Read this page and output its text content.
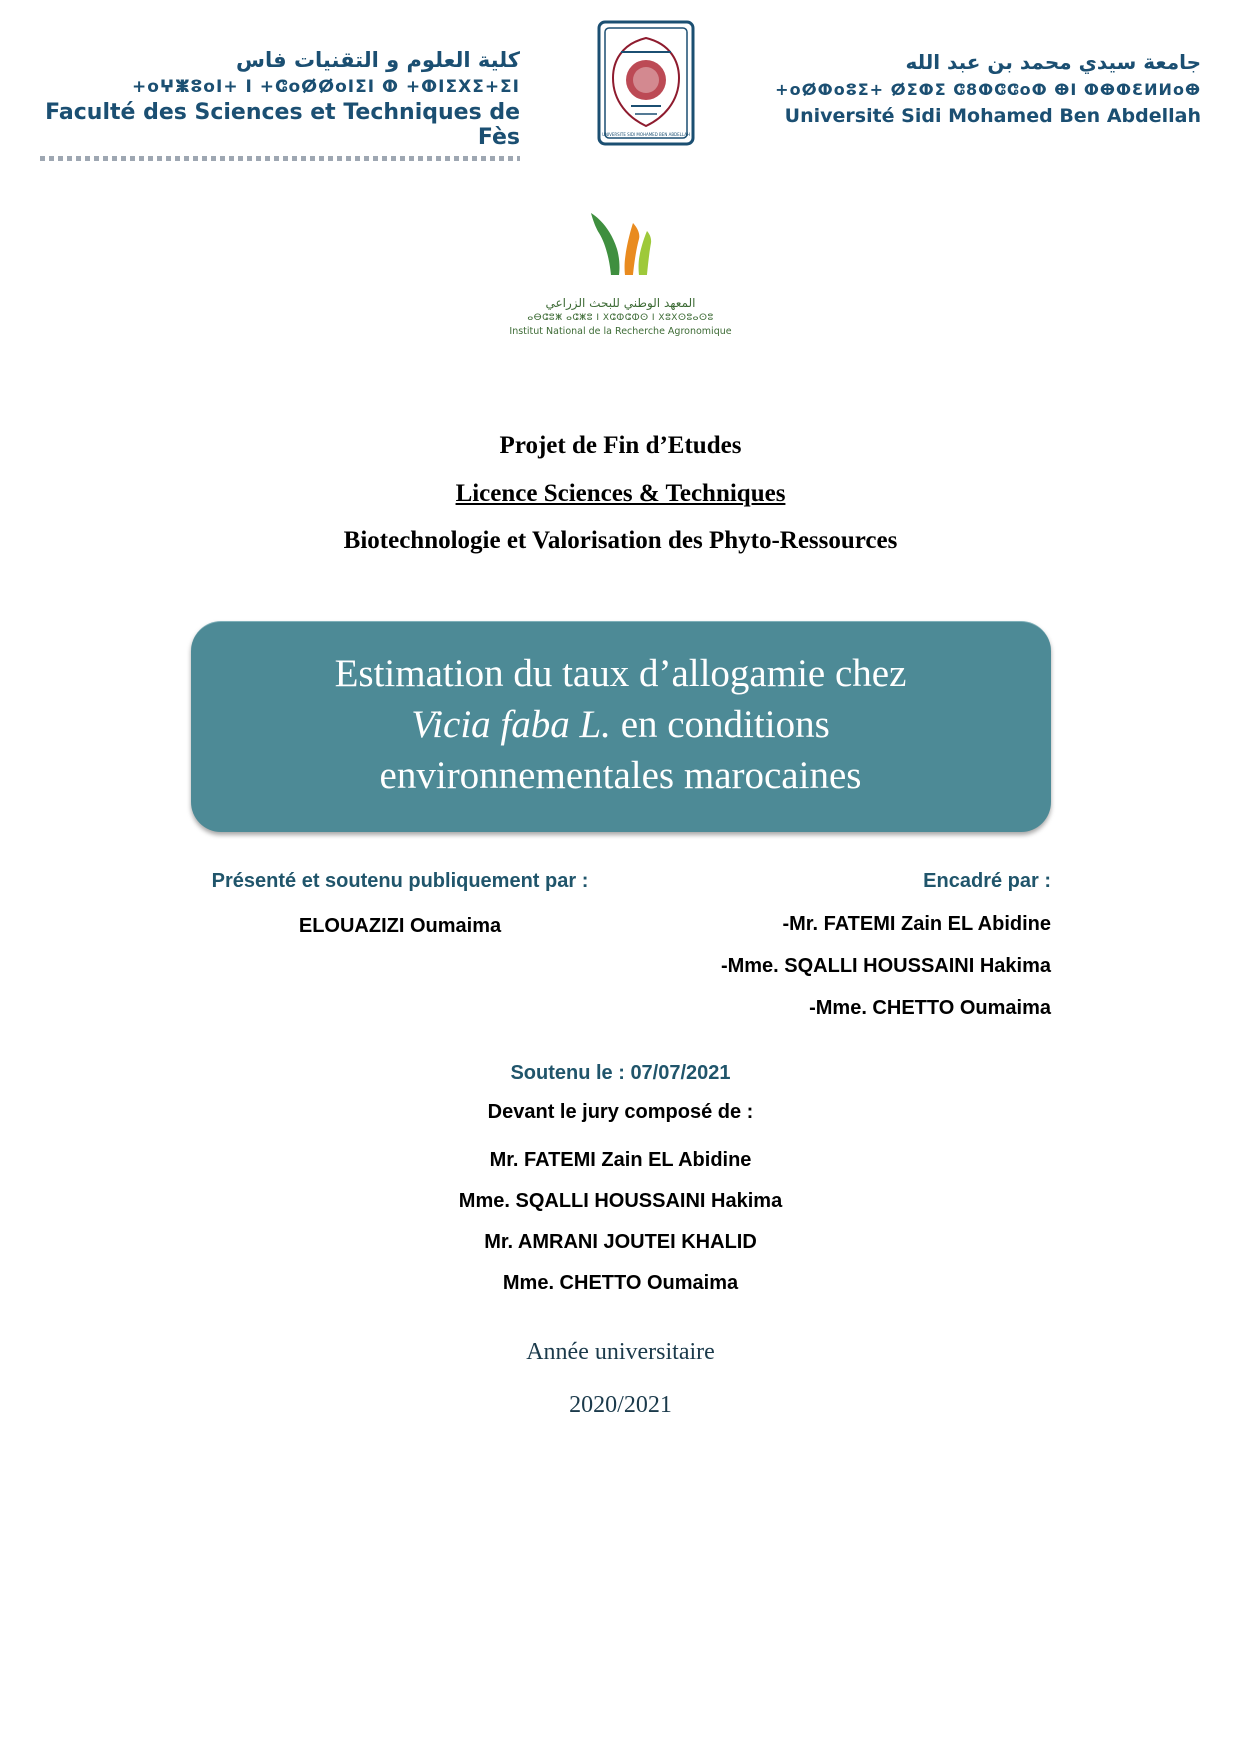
كلية العلوم و التقنيات فاس
+oⵖⵥⵓoI+ I +ⵛoⵁⵁoIΣI ⵀ +ⵀIΣXΣ+ΣI
Faculté des Sciences et Techniques de Fès	UNIVERSITE SIDI MOHAMED BEN ABDELLAH
جامعة سيدي محمد بن عبد الله
+oⵁⵀoⵓΣ+ ⵁΣⵀΣ ⵛ8ⵀⵛⵛoⵀ ⴲI ⵀⴲⵀƐИИoⴲ
Université Sidi Mohamed Ben Abdellah
المعهد الوطني للبحث الزراعي
ⴰⴱⵛⵓⵥ ⴰⵛⵥⵓ I ⵝⵛⵀⵛⵀⵙ I ⵝⵓⵝⵙⵓⴰⵙⵓ
Institut National de la Recherche Agronomique
Projet de Fin d’Etudes
Licence Sciences & Techniques
Biotechnologie et Valorisation des Phyto-Ressources
Estimation du taux d’allogamie chez
Vicia faba L. en conditions
environnementales marocaines
Présenté et soutenu publiquement par :
ELOUAZIZI Oumaima
Encadré par :
-Mr. FATEMI Zain EL Abidine
-Mme. SQALLI HOUSSAINI Hakima
-Mme. CHETTO Oumaima
Soutenu le : 07/07/2021
Devant le jury composé de :
Mr. FATEMI Zain EL Abidine
Mme. SQALLI HOUSSAINI Hakima
Mr. AMRANI JOUTEI KHALID
Mme. CHETTO Oumaima
Année universitaire
2020/2021
